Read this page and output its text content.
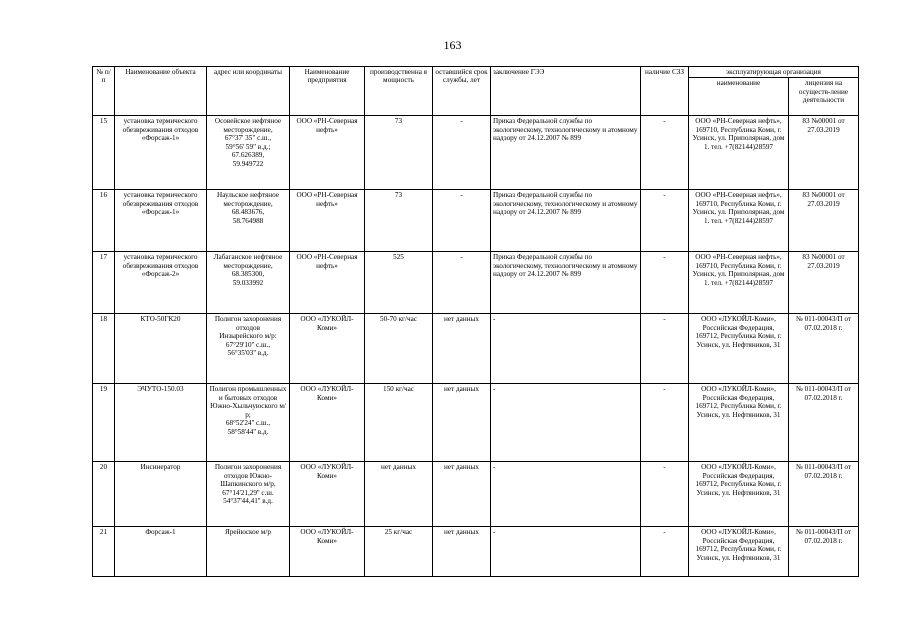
163
№ п/п	Наименование объекта	адрес или координаты	Наименование предприятия	производственна я мощность	оставшийся срок службы, лет	заключение ГЭЭ	наличие СЗЗ	эксплуатирующая организация	
								наименование	лицензия на осуществ-ление деятельности
15	установка термического обезвреживания отходов «Форсаж-1»	Осовейское нефтяное месторождение,
67°37' 35" с.ш.,
59°56' 59" в.д.;
67.626389,
59.949722	ООО «РН-Северная нефть»	73	-	Приказ Федеральной службы по экологическому, технологическому и атомному надзору от 24.12.2007 № 899	-	ООО «РН-Северная нефть», 169710, Республика Коми, г. Усинск, ул. Приполярная, дом 1. тел. +7(82144)28597	83 №00001 от 27.03.2019
16	установка термического обезвреживания отходов «Форсаж-1»	Наульское нефтяное месторождение,
68.483676,
58.764988	ООО «РН-Северная нефть»	73	-	Приказ Федеральной службы по экологическому, технологическому и атомному надзору от 24.12.2007 № 899	-	ООО «РН-Северная нефть», 169710, Республика Коми, г. Усинск, ул. Приполярная, дом 1. тел. +7(82144)28597	83 №00001 от 27.03.2019
17	установка термического обезвреживания отходов «Форсаж-2»	Лабаганское нефтяное месторождение,
68.385300,
59.033992	ООО «РН-Северная нефть»	525	-	Приказ Федеральной службы по экологическому, технологическому и атомному надзору от 24.12.2007 № 899	-	ООО «РН-Северная нефть», 169710, Республика Коми, г. Усинск, ул. Приполярная, дом 1. тел. +7(82144)28597	83 №00001 от 27.03.2019
18	КТО-50ГК20	Полигон захоронения отходов
Инзырейского м/р:
67°29'10'' с.ш.,
56°35'03'' в.д.	ООО «ЛУКОЙЛ-Коми»	50-70 кг/час	нет данных	-	-	ООО «ЛУКОЙЛ-Коми», Российская Федерация, 169712, Республика Коми, г. Усинск, ул. Нефтяников, 31	№ 011-00043/П от 07.02.2018 г.
19	ЭЧУТО-150.03	Полигон промышленных и бытовых отходов Южно-Хыльчуюского м/р;
68°52'24'' с.ш.,
58°58'44'' в.д.	ООО «ЛУКОЙЛ-Коми»	150 кг/час	нет данных	-	-	ООО «ЛУКОЙЛ-Коми», Российская Федерация, 169712, Республика Коми, г. Усинск, ул. Нефтяников, 31	№ 011-00043/П от 07.02.2018 г.
20	Инсинератор	Полигон захоронения отходов Южно-Шапкинского м/р,
67°14'21,29'' с.ш.
54°37'44,41'' в.д.	ООО «ЛУКОЙЛ-Коми»	нет данных	нет данных	-	-	ООО «ЛУКОЙЛ-Коми», Российская Федерация, 169712, Республика Коми, г. Усинск, ул. Нефтяников, 31	№ 011-00043/П от 07.02.2018 г.
21	Форсаж-1	Ярейюское м/р	ООО «ЛУКОЙЛ-Коми»	25 кг/час	нет данных	-	-	ООО «ЛУКОЙЛ-Коми», Российская Федерация, 169712, Республика Коми, г. Усинск, ул. Нефтяников, 31	№ 011-00043/П от 07.02.2018 г.
